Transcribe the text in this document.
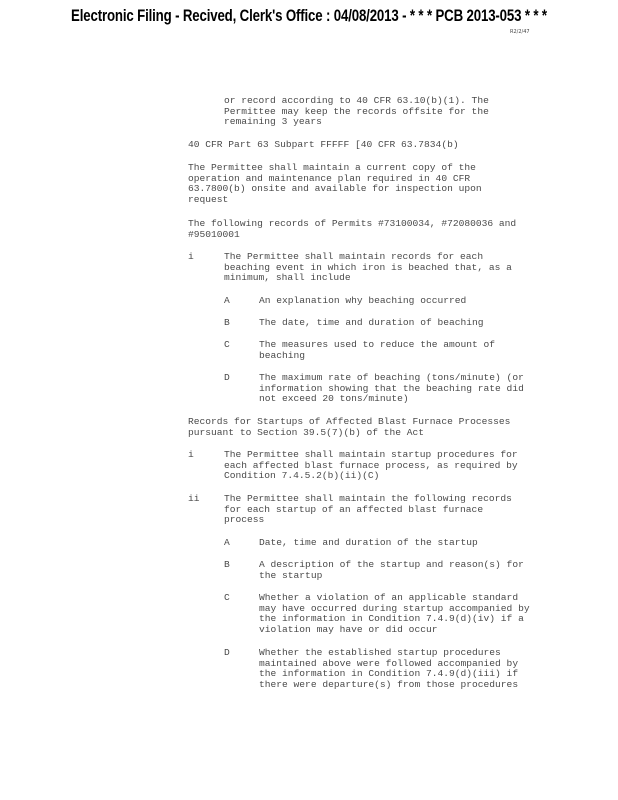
Electronic Filing - Recived, Clerk's Office : 04/08/2013 - * * * PCB 2013-053 * * *
R2/2/47
or record according to 40 CFR 63.10(b)(1). The
Permittee may keep the records offsite for the
remaining 3 years
40 CFR Part 63 Subpart FFFFF [40 CFR 63.7834(b)
The Permittee shall maintain a current copy of the
operation and maintenance plan required in 40 CFR
63.7800(b) onsite and available for inspection upon
request
The following records of Permits #73100034, #72080036 and
#95010001
i	The Permittee shall maintain records for each
beaching event in which iron is beached that, as a
minimum, shall include
A	An explanation why beaching occurred
B	The date, time and duration of beaching
C	The measures used to reduce the amount of
beaching
D	The maximum rate of beaching (tons/minute) (or
information showing that the beaching rate did
not exceed 20 tons/minute)
Records for Startups of Affected Blast Furnace Processes
pursuant to Section 39.5(7)(b) of the Act
i	The Permittee shall maintain startup procedures for
each affected blast furnace process, as required by
Condition 7.4.5.2(b)(ii)(C)
ii	The Permittee shall maintain the following records
for each startup of an affected blast furnace
process
A	Date, time and duration of the startup
B	A description of the startup and reason(s) for
the startup
C	Whether a violation of an applicable standard
may have occurred during startup accompanied by
the information in Condition 7.4.9(d)(iv) if a
violation may have or did occur
D	Whether the established startup procedures
maintained above were followed accompanied by
the information in Condition 7.4.9(d)(iii) if
there were departure(s) from those procedures
